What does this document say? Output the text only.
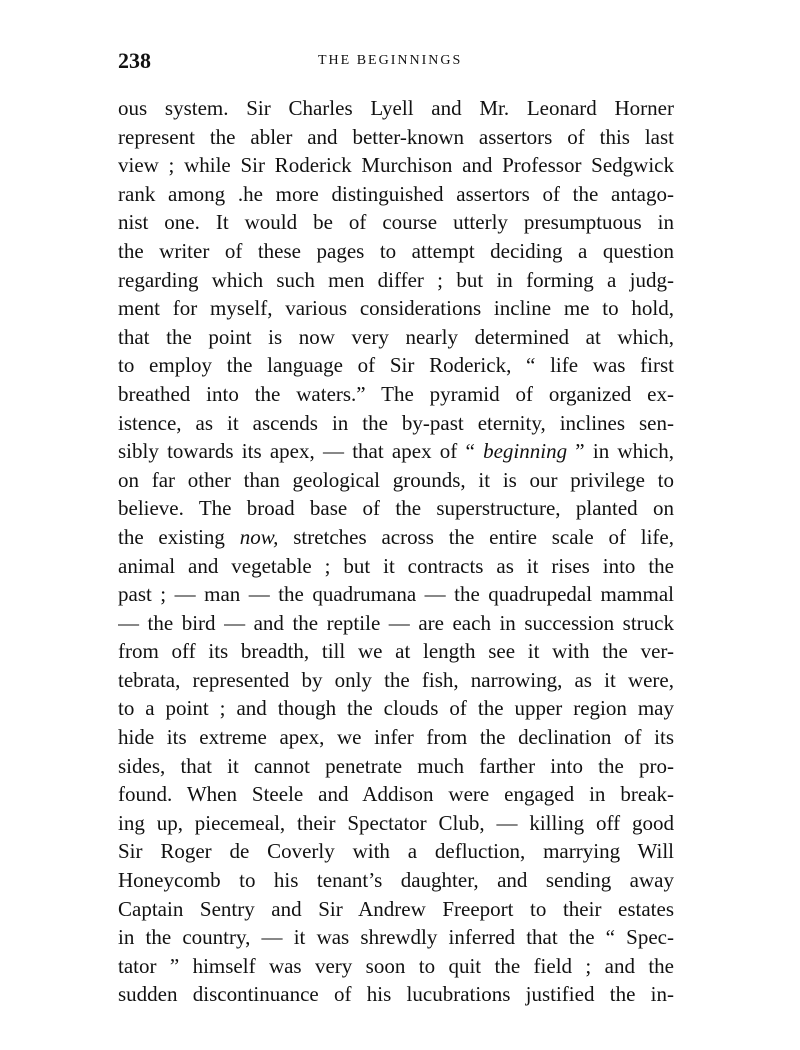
238	THE BEGINNINGS
ous system. Sir Charles Lyell and Mr. Leonard Horner
represent the abler and better-known assertors of this last
view ; while Sir Roderick Murchison and Professor Sedgwick
rank among .he more distinguished assertors of the antago-
nist one. It would be of course utterly presumptuous in
the writer of these pages to attempt deciding a question
regarding which such men differ ; but in forming a judg-
ment for myself, various considerations incline me to hold,
that the point is now very nearly determined at which,
to employ the language of Sir Roderick, “ life was first
breathed into the waters.” The pyramid of organized ex-
istence, as it ascends in the by-past eternity, inclines sen-
sibly towards its apex, — that apex of “ beginning ” in which,
on far other than geological grounds, it is our privilege to
believe. The broad base of the superstructure, planted on
the existing now, stretches across the entire scale of life,
animal and vegetable ; but it contracts as it rises into the
past ; — man — the quadrumana — the quadrupedal mammal
— the bird — and the reptile — are each in succession struck
from off its breadth, till we at length see it with the ver-
tebrata, represented by only the fish, narrowing, as it were,
to a point ; and though the clouds of the upper region may
hide its extreme apex, we infer from the declination of its
sides, that it cannot penetrate much farther into the pro-
found. When Steele and Addison were engaged in break-
ing up, piecemeal, their Spectator Club, — killing off good
Sir Roger de Coverly with a defluction, marrying Will
Honeycomb to his tenant’s daughter, and sending away
Captain Sentry and Sir Andrew Freeport to their estates
in the country, — it was shrewdly inferred that the “ Spec-
tator ” himself was very soon to quit the field ; and the
sudden discontinuance of his lucubrations justified the in-
